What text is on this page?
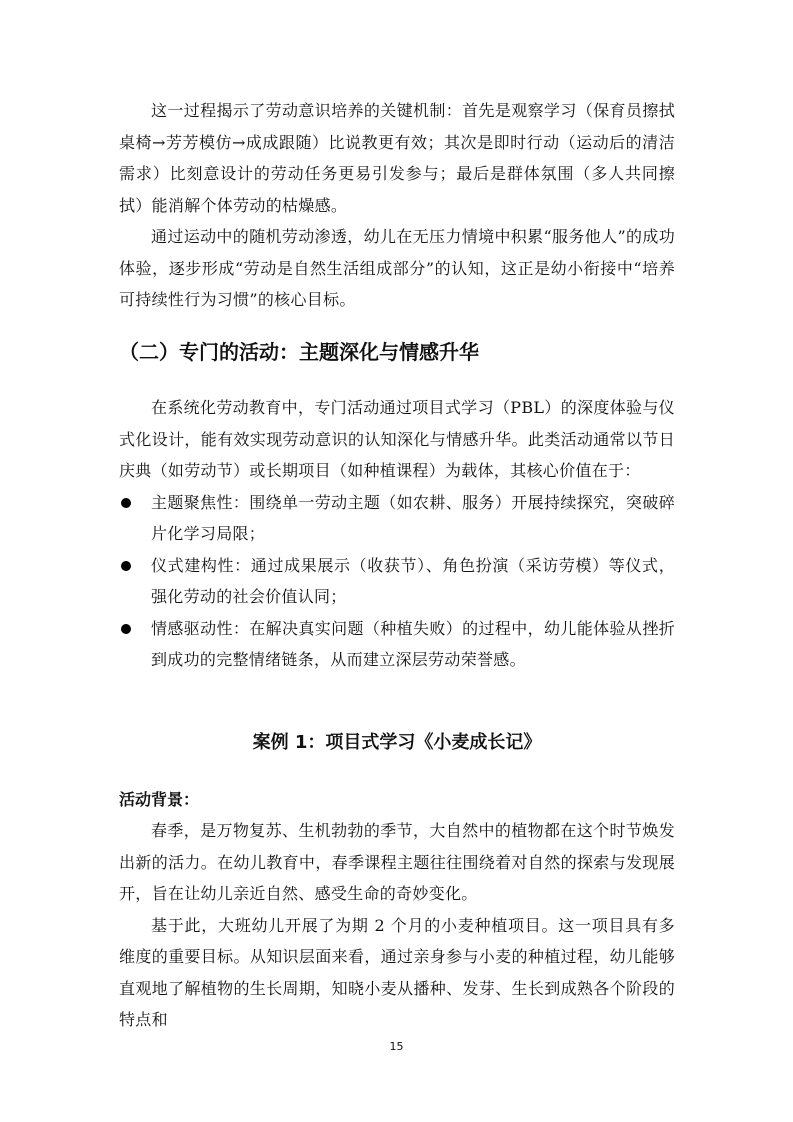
这一过程揭示了劳动意识培养的关键机制：首先是观察学习（保育员擦拭桌椅→芳芳模仿→成成跟随）比说教更有效；其次是即时行动（运动后的清洁需求）比刻意设计的劳动任务更易引发参与；最后是群体氛围（多人共同擦拭）能消解个体劳动的枯燥感。

通过运动中的随机劳动渗透，幼儿在无压力情境中积累“服务他人”的成功体验，逐步形成“劳动是自然生活组成部分”的认知，这正是幼小衔接中“培养可持续性行为习惯”的核心目标。

（二）专门的活动：主题深化与情感升华

在系统化劳动教育中，专门活动通过项目式学习（PBL）的深度体验与仪式化设计，能有效实现劳动意识的认知深化与情感升华。此类活动通常以节日庆典（如劳动节）或长期项目（如种植课程）为载体，其核心价值在于：

主题聚焦性：围绕单一劳动主题（如农耕、服务）开展持续探究，突破碎片化学习局限；
仪式建构性：通过成果展示（收获节）、角色扮演（采访劳模）等仪式，强化劳动的社会价值认同；
情感驱动性：在解决真实问题（种植失败）的过程中，幼儿能体验从挫折到成功的完整情绪链条，从而建立深层劳动荣誉感。
案例 1：项目式学习《小麦成长记》
活动背景：

春季，是万物复苏、生机勃勃的季节，大自然中的植物都在这个时节焕发出新的活力。在幼儿教育中，春季课程主题往往围绕着对自然的探索与发现展开，旨在让幼儿亲近自然、感受生命的奇妙变化。

基于此，大班幼儿开展了为期 2 个月的小麦种植项目。这一项目具有多维度的重要目标。从知识层面来看，通过亲身参与小麦的种植过程，幼儿能够直观地了解植物的生长周期，知晓小麦从播种、发芽、生长到成熟各个阶段的特点和

15
